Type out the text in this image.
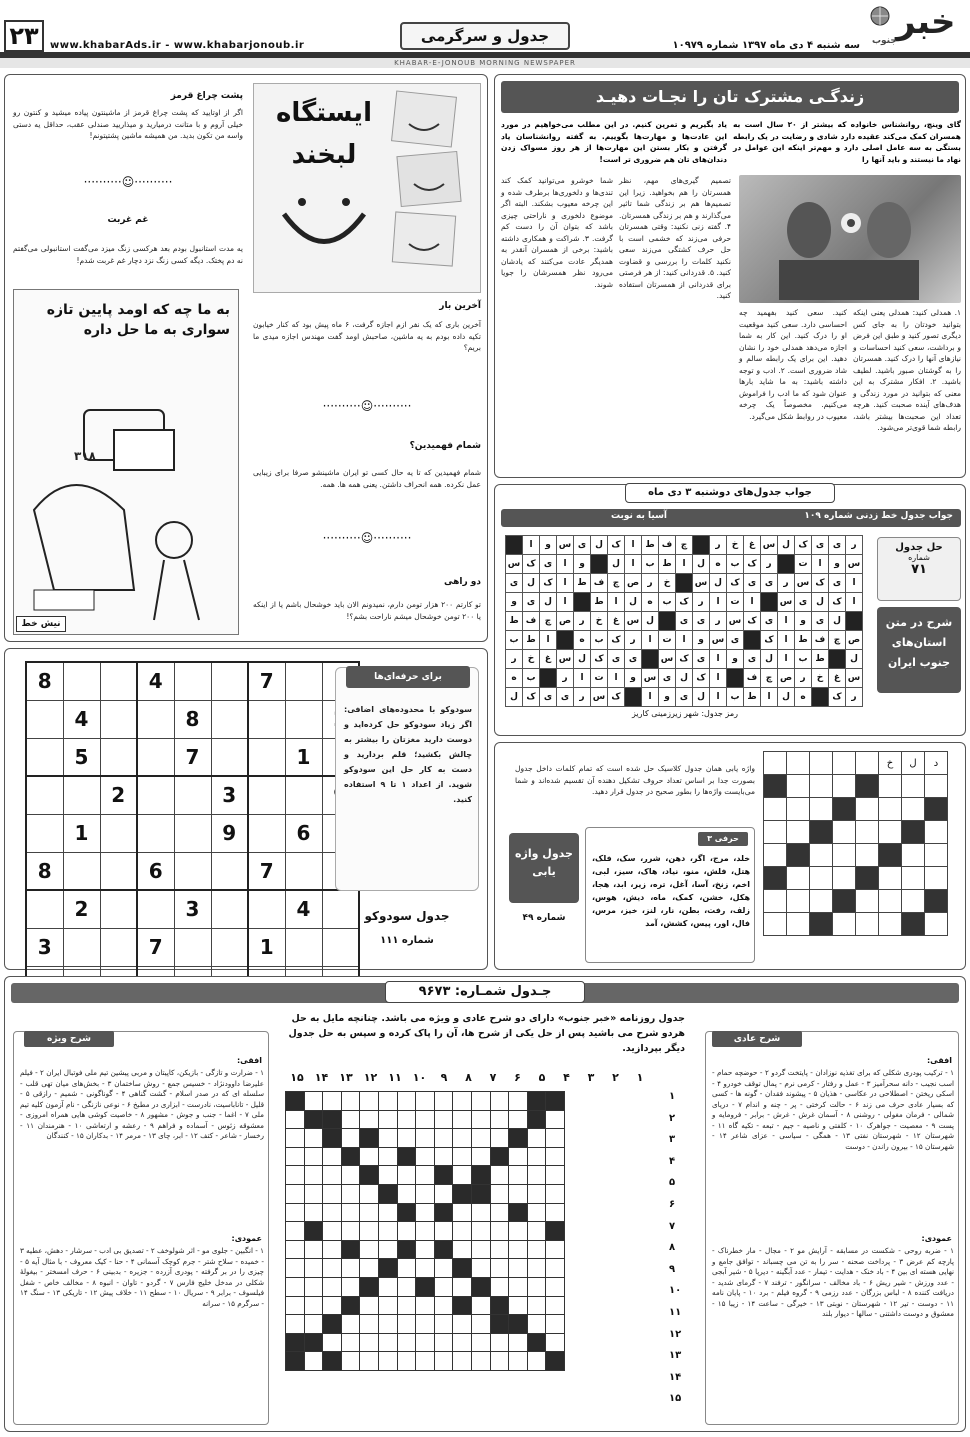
۲۳	www.khabarAds.ir - www.khabarjonoub.ir
جدول و سرگرمی
سه شنبه ۴ دی ماه ۱۳۹۷ شماره ۱۰۹۷۹
خبر
جنوب
KHABAR-E-JONOUB MORNING NEWSPAPER
زندگـی مشترک تان را نجـات دهیـد
گای وینچ، روانشناس خانواده که بیشتر از ۲۰ سال است به همسران کمک می‌کند عقیده دارد شادی و رضایت در یک رابطه بستگی به سه عامل اصلی دارد و مهم‌تر اینکه این عوامل در نهاد ما نیستند و باید آنها را
یاد بگیریم و تمرین کنیم. در این مطلب می‌خواهیم در مورد این عادت‌ها و مهارت‌ها بگوییم. به گفته روانشناسان یاد گرفتن و بکار بستن این مهارت‌ها از هر روز مسواک زدن دندان‌های تان هم ضروری تر است!
۱. همدلی کنید: همدلی یعنی اینکه بتوانید خودتان را به جای کس دیگری تصور کنید و طبق این فرض و برداشت، سعی کنید احساسات و نیازهای آنها را درک کنید. همسرتان را به گوشتان صبور باشید. لطیف باشید. ۲. افکار مشترک به این معنی که بتوانید در مورد زندگی و هدف‌های آینده صحبت کنید. هرچه تعداد این صحبت‌ها بیشتر باشد، رابطه شما قوی‌تر می‌شود.
کنید. سعی کنید بفهمید چه احساسی دارد. سعی کنید موقعیت او را درک کنید. این کار به شما اجازه می‌دهد همدلی خود را نشان دهید. این برای یک رابطه سالم و شاد ضروری است. ۲. ادب و توجه داشته باشید: به ما شاید بارها عنوان شود که ما ادب را فراموش می‌کنیم. مخصوصاً یک چرخه معیوب در روابط شکل می‌گیرد.
تصمیم گیری‌های مهم، نظر همسرتان را هم بخواهید. زیرا این تصمیم‌ها هم بر زندگی شما تاثیر می‌گذارند و هم بر زندگی همسرتان. ۴. گفته زنی نکنید: وقتی همسرتان حرفی می‌زند که خشمی است با حل حرف کشتگی می‌زند سعی نکنید کلمات را بررسی و قضاوت کنید. ۵. قدردانی کنید: از هر فرصتی برای قدردانی از همسرتان استفاده کنید.
شما خوشرو می‌توانید کمک کند تندی‌ها و دلخوری‌ها برطرف شده و این چرخه معیوب بشکند. البته اگر موضوع دلخوری و ناراحتی چیزی باشد که بتوان آن را دست کم گرفت. ۳. شراکت و همکاری داشته باشید: برخی از همسران آنقدر به همدیگر عادت می‌کنند که یادشان می‌رود نظر همسرشان را جویا شوند.
ایستگاه
لبخند
پشت چراغ قرمز
اگر از اوتایید که پشت چراغ قرمز از ماشینتون پیاده میشید و کنتون رو خیلی آروم و با متانت درمیارید و میذاریید صندلی عقب، حداقل یه دستی واسه من تکون بدید. من همیشه ماشین پشتیتونم!
··········☺··········
غم غربت
یه مدت استانبول بودم بعد هرکسی زنگ میزد می‌گفت استانبولی می‌گفتم نه دم پختک. دیگه کسی زنگ نزد دچار غم غربت شدم!
به ما چه که اومد پایین تازه سواری به ما حل داره
۳۱۸
نیش خط
آخرین بار
آخرین باری که یک نفر ازم اجازه گرفت، ۶ ماه پیش بود که کنار خیابون تکیه داده بودم به یه ماشین، صاحبش اومد گفت مهندس اجازه میدی ما بریم؟
··········☺··········
شمام فهمیدین؟
شمام فهمیدین که تا یه حال کسی تو ایران ماشینشو صرفا برای زیبایی عمل نکرده. همه انحراف داشتن. یعنی همه ها. همه.
··········☺··········
دو راهی
تو کارتم ۲۰۰ هزار تومن دارم، نمیدونم الان باید خوشحال باشم یا از اینکه یا ۲۰۰ تومن خوشحال میشم ناراحت بشم؟!
جواب جدول‌های دوشنبه ۳ دی ماه
جواب جدول خط زدنی شماره ۱۰۹
آسیا به نوبت
حل جدول
شماره
۷۱
شرح در متن استان‌های جنوب ایران
	ا	و	س	ی	ل	ک	ا	ط	ف	چ		ر	خ	غ	س	ل	ک	ی	ی	ر
س	ک	ی	ا	و		ل	ا	ب	ط	ا	ل	ه	ب	ک	ر		ت	ا	و	س
ی	ل	ک	ا	ط	ف	چ	ص	ر	خ		س	ل	ک	ی	ی	ر	س	ک	ی	ا
و	ی	ل	ا		ط	ا	ل	ه	ب	ک	ر	ا	ت	ا		س	ی	ل	ک	ا
ط	ف	چ	ص	ر	خ	غ	س	ل		ی	ی	ر	س	ک	ی	ا	و	ی	ل	
ب	ط	ا		ه	ب	ک	ر	ا	ت	ا	و	س	ی		ک	ا	ط	ف	چ	ص
ر	خ	غ	س	ل	ک	ی	ی		س	ک	ی	ا	و	ی	ل	ا	ب	ط		ل
ه	ب		ر	ا	ت	ا	و	س	ی	ل	ک	ا		ف	چ	ص	ر	خ	غ	س
ل	ک	ی	ی	ر	س	ک		ا	و	ی	ل	ا	ب	ط	ا	ل	ه		ک	ر
رمز جدول: شهر زیرزمینی کاریز
8			4			7		
	4			8				
	5			7			1	
		2			3			
	1				9		6	
8			6			7		
	2			3			4	
3			7			1		

برای حرفه‌ای‌ها
سودوکو با محدوده‌های اضافی: اگر زیاد سودوکو حل کرده‌اید و دوست دارید مغزتان را بیشتر به چالش بکشید؛ قلم بردارید و دست به کار حل این سودوکو شوید. از اعداد ۱ تا ۹ استفاده کنید.
جدول سودوکو
شماره ۱۱۱
					خ	ل	د

واژه یابی همان جدول کلاسیک حل شده است که تمام کلمات داخل جدول بصورت جدا بر اساس تعداد حروف تشکیل دهنده آن تقسیم شده‌اند و شما می‌بایست واژه‌ها را بطور صحیح در جدول قرار دهید.
۳ حرفی
خلد، مرج، اگر، دهن، شرر، سک، فلک، هتل، فلش، منو، نیاد، هاک، سیز، لبی، اخم، زنخ، آسا، آغل، تره، زیر، ابد، هجا، هکل، خشن، کمک، ماه، دیش، هوس، زلف، رفت، بطن، نار، لنز، خیز، مرس، فال، اور، پیس، کشش، آمد
جدول واژه یابی
شماره ۴۹
جـدول شمـاره: ۹۶۷۳
جدول روزنامه «خبر جنوب» دارای دو شرح عادی و ویژه می باشد. چنانچه مایل به حل هردو شرح می باشید پس از حل یکی از شرح ها، آن را پاک کرده و سپس به حل جدول دیگر بپردازید.
شرح عادی
افقی:
۱ - ترکیب پودری شکلی که برای تغذیه نوزادان - پایتخت گردو ۲ - حوضچه حمام - اسب نجیب - دانه سحرآمیز ۳ - عمل و رفتار - کرمی نرم - پمال توقف خودرو ۴ - اسکی ریختن - اصطلاحی در عکاسی - هذیان ۵ - پیشوند فقدان - گونه ها - کسی که بسیار عادی حرف می زند ۶ - حالت کرختی - پر - چنه و اندام ۷ - دریای شمالی - فرمان مغولی - روشنی ۸ - آسمان غرش - غرش - برابر - فرومایه و پست ۹ - معصیت - جواهرک ۱۰ - کلفتی و ناصیه - جیم - تبعه - تکیه گاه ۱۱ - شهرستان ۱۲ - شهرستان نفتی ۱۳ - همگی - سیاسی - عزای شاعر ۱۴ - شهرستان ۱۵ - بیرون راندن - دوست
عمودی:
۱ - ضربه روحی - شکست در مسابقه - آرایش مو ۲ - مجال - مار خطرناک - پارچه کم عرض ۳ - پرداخت صحنه - سر را به تن می چسباند - توافق جامع و نهایی هسته ای بین ۴ - باد خنک - هدایت - تیمار - عدد آبگینه - دیرپا ۵ - شیر آبجی - عدد ورزش - شیر ریش ۶ - باد مخالف - سرانگور - ترفند ۷ - گرمای شدید - دریافت کننده ۸ - لباس بزرگان - عدد رزمی ۹ - گروه فیلم - برد ۱۰ - پایان نامه ۱۱ - دوست - تیر ۱۲ - شهرستان - نوبتی ۱۳ - خیرگی - ساعت ۱۴ - زیبا ۱۵ - معشوق و دوست داشتنی - سالها - دیوار بلند
شرح ویژه
افقی:
۱ - ضرارت و تازگی - بازیکن، کاپیتان و مربی پیشین تیم ملی فوتبال ایران ۲ - فیلم علیرضا داوودنژاد - خسیس جمع - روش ساختمان ۳ - بخش‌های میان تهی قلب - سلسله ای که در صدر اسلام - گشت گناهی ۴ - گوناگونی - شمیم - رازقی ۵ - قلیل - تاناباسیت، نادرست - ابزاری در مطبخ ۶ - نوعی نازنگی - نام آزمون کلیه تیم ملی ۷ - اغما - جنب و جوش - مشهور ۸ - خاصیت کوشی هایی همراه امروزی - معشوقه زئوس - آسماده و فراهم ۹ - رعشه و ارتعاشی ۱۰ - هنرمندان ۱۱ - رخسار - شاعر - کتف ۱۲ - ابر، چای ۱۳ - مرمر ۱۴ - بدکاران ۱۵ - کنندگان
عمودی:
۱ - انگبین - جلوی مو - اثر شولوخف ۲ - تصدیق بی ادب - سرشار - دهش، عطیه ۳ - خمیده - سلاح شتر - جرم کوچک آسمانی ۴ - حنا - کیک معروف - با مثال آیه ۵ - چیزی را در بر گرفته - پودری آزرده - جزیره - بدبینی ۶ - حرف امسختر - بیغولهٔ شکلی در مدخل خلیج فارس ۷ - گردو - تاوان - انبوه ۸ - مخالف خاص - شغل فیلسوف - برابر ۹ - سریال ۱۰ - سطح ۱۱ - خلاف پیش ۱۲ - تاریکی ۱۳ - سنگ ۱۴ - سرگرم ۱۵ - سرانه
۱
۲
۳
۴
۵
۶
۷
۸
۹
۱۰
۱۱
۱۲
۱۳
۱۴
۱۵
۱
۲
۳
۴
۵
۶
۷
۸
۹
۱۰
۱۱
۱۲
۱۳
۱۴
۱۵
